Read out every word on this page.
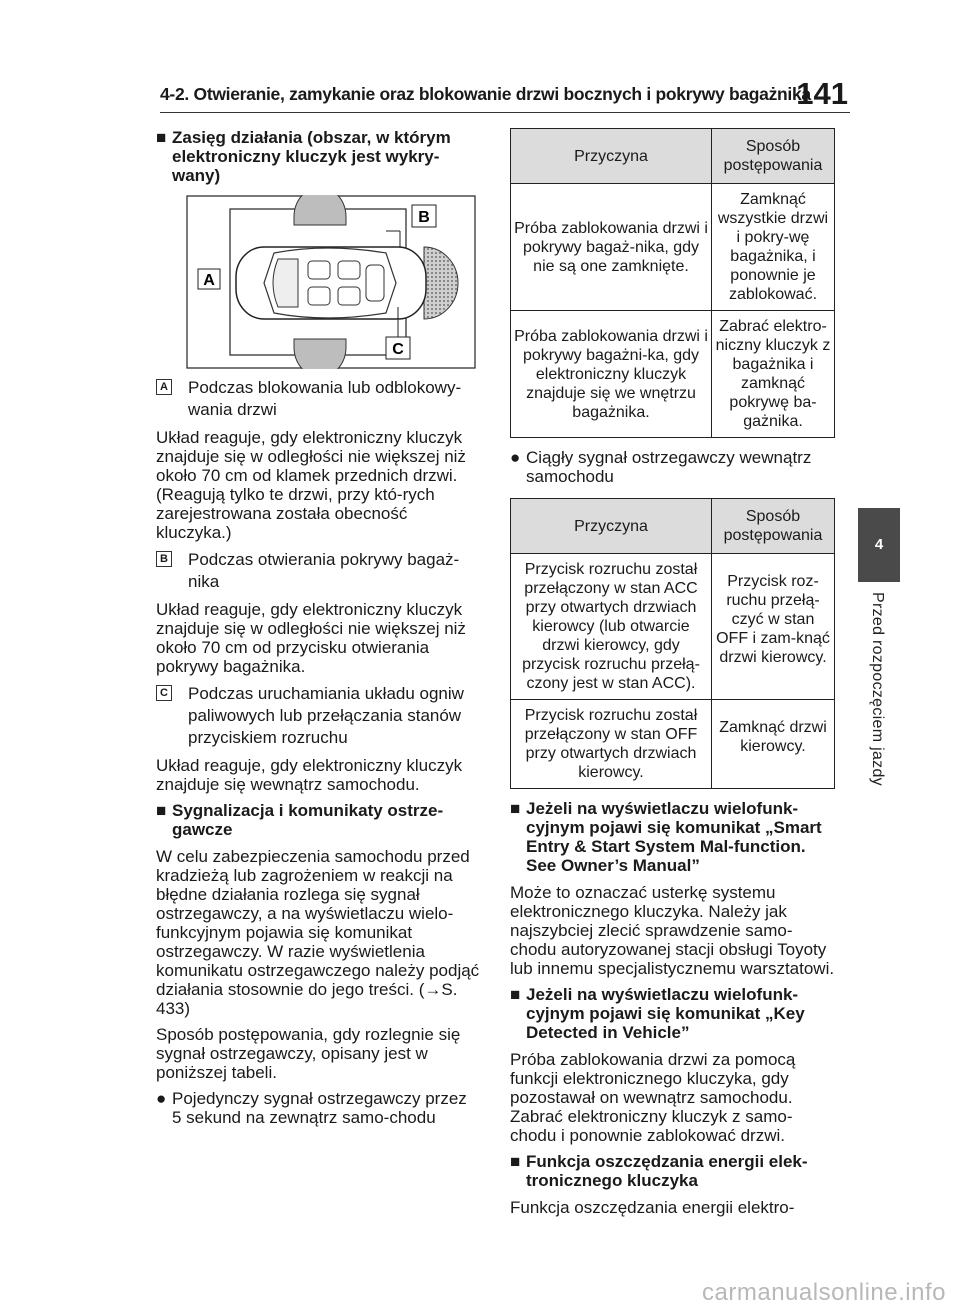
4-2. Otwieranie, zamykanie oraz blokowanie drzwi bocznych i pokrywy bagażnika
141
4
Przed rozpoczęciem jazdy
■ Zasięg działania (obszar, w którym elektroniczny kluczyk jest wykry-wany)
A
B
C
A Podczas blokowania lub odblokowy-wania drzwi
Układ reaguje, gdy elektroniczny kluczyk znajduje się w odległości nie większej niż około 70 cm od klamek przednich drzwi. (Reagują tylko te drzwi, przy któ-rych zarejestrowana została obecność kluczyka.)
B Podczas otwierania pokrywy bagaż-nika
Układ reaguje, gdy elektroniczny kluczyk znajduje się w odległości nie większej niż około 70 cm od przycisku otwierania pokrywy bagażnika.
C Podczas uruchamiania układu ogniw paliwowych lub przełączania stanów przyciskiem rozruchu
Układ reaguje, gdy elektroniczny kluczyk znajduje się wewnątrz samochodu.
■ Sygnalizacja i komunikaty ostrze-gawcze
W celu zabezpieczenia samochodu przed kradzieżą lub zagrożeniem w reakcji na błędne działania rozlega się sygnał ostrzegawczy, a na wyświetlaczu wielo-funkcyjnym pojawia się komunikat ostrzegawczy. W razie wyświetlenia komunikatu ostrzegawczego należy podjąć działania stosownie do jego treści. (→S. 433)
Sposób postępowania, gdy rozlegnie się sygnał ostrzegawczy, opisany jest w poniższej tabeli.
● Pojedynczy sygnał ostrzegawczy przez 5 sekund na zewnątrz samo-chodu
Przyczyna	Sposób postępowania
Próba zablokowania drzwi i pokrywy bagaż-nika, gdy nie są one zamknięte.	Zamknąć wszystkie drzwi i pokry-wę bagażnika, i ponownie je zablokować.
Próba zablokowania drzwi i pokrywy bagażni-ka, gdy elektroniczny kluczyk znajduje się we wnętrzu bagażnika.	Zabrać elektro-niczny kluczyk z bagażnika i zamknąć pokrywę ba-gażnika.
● Ciągły sygnał ostrzegawczy wewnątrz samochodu
Przyczyna	Sposób postępowania
Przycisk rozruchu został przełączony w stan ACC przy otwartych drzwiach kierowcy (lub otwarcie drzwi kierowcy, gdy przycisk rozruchu przełą-czony jest w stan ACC).	Przycisk roz-ruchu przełą-czyć w stan OFF i zam-knąć drzwi kierowcy.
Przycisk rozruchu został przełączony w stan OFF przy otwartych drzwiach kierowcy.	Zamknąć drzwi kierowcy.
■ Jeżeli na wyświetlaczu wielofunk-cyjnym pojawi się komunikat „Smart Entry & Start System Mal-function. See Owner’s Manual”
Może to oznaczać usterkę systemu elektronicznego kluczyka. Należy jak najszybciej zlecić sprawdzenie samo-chodu autoryzowanej stacji obsługi Toyoty lub innemu specjalistycznemu warsztatowi.
■ Jeżeli na wyświetlaczu wielofunk-cyjnym pojawi się komunikat „Key Detected in Vehicle”
Próba zablokowania drzwi za pomocą funkcji elektronicznego kluczyka, gdy pozostawał on wewnątrz samochodu. Zabrać elektroniczny kluczyk z samo-chodu i ponownie zablokować drzwi.
■ Funkcja oszczędzania energii elek-tronicznego kluczyka
Funkcja oszczędzania energii elektro-
carmanualsonline.info
